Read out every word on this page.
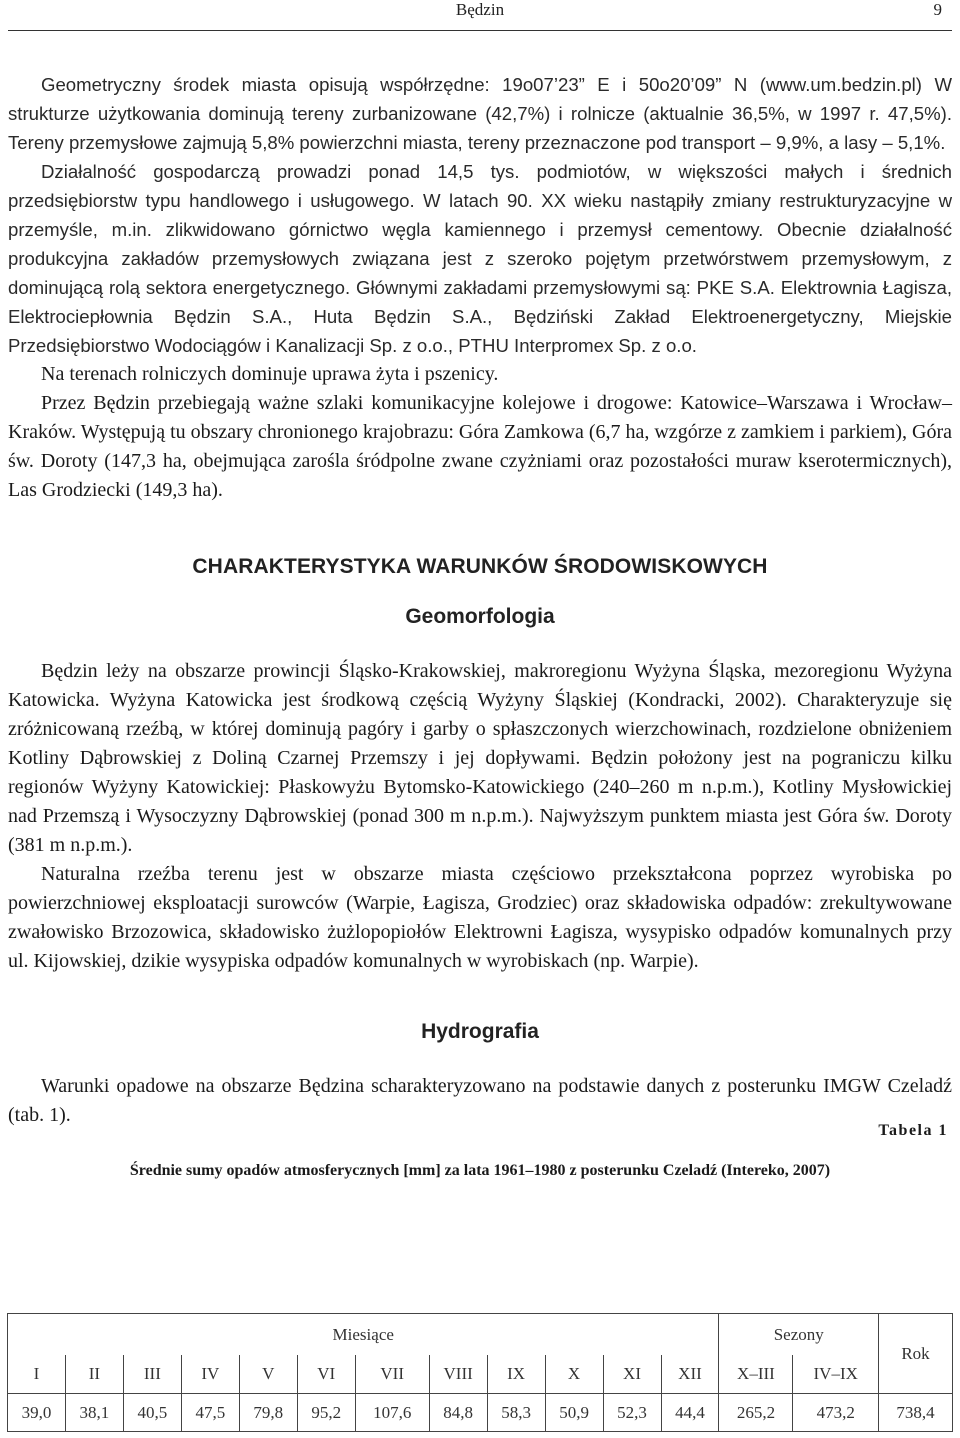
Będzin	9

Geometryczny środek miasta opisują współrzędne: 19o07’23” E i 50o20’09” N (www.um.bedzin.pl) W strukturze użytkowania dominują tereny zurbanizowane (42,7%) i rolnicze (aktualnie 36,5%, w 1997 r. 47,5%). Tereny przemysłowe zajmują 5,8% powierzchni miasta, tereny przeznaczone pod transport – 9,9%, a lasy – 5,1%.

Działalność gospodarczą prowadzi ponad 14,5 tys. podmiotów, w większości małych i średnich przedsiębiorstw typu handlowego i usługowego. W latach 90. XX wieku nastąpiły zmiany restrukturyzacyjne w przemyśle, m.in. zlikwidowano górnictwo węgla kamiennego i przemysł cementowy. Obecnie działalność produkcyjna zakładów przemysłowych związana jest z szeroko pojętym przetwórstwem przemysłowym, z dominującą rolą sektora energetycznego. Głównymi zakładami przemysłowymi są: PKE S.A. Elektrownia Łagisza, Elektrociepłownia Będzin S.A., Huta Będzin S.A., Będziński Zakład Elektroenergetyczny, Miejskie Przedsiębiorstwo Wodociągów i Kanalizacji Sp. z o.o., PTHU Interpromex Sp. z o.o.

Na terenach rolniczych dominuje uprawa żyta i pszenicy.

Przez Będzin przebiegają ważne szlaki komunikacyjne kolejowe i drogowe: Katowice–Warszawa i Wrocław–Kraków. Występują tu obszary chronionego krajobrazu: Góra Zamkowa (6,7 ha, wzgórze z zamkiem i parkiem), Góra św. Doroty (147,3 ha, obejmująca zarośla śródpolne zwane czyżniami oraz pozostałości muraw kserotermicznych), Las Grodziecki (149,3 ha).

CHARAKTERYSTYKA WARUNKÓW ŚRODOWISKOWYCH
Geomorfologia

Będzin leży na obszarze prowincji Śląsko-Krakowskiej, makroregionu Wyżyna Śląska, mezoregionu Wyżyna Katowicka. Wyżyna Katowicka jest środkową częścią Wyżyny Śląskiej (Kondracki, 2002). Charakteryzuje się zróżnicowaną rzeźbą, w której dominują pagóry i garby o spłaszczonych wierzchowinach, rozdzielone obniżeniem Kotliny Dąbrowskiej z Doliną Czarnej Przemszy i jej dopływami. Będzin położony jest na pograniczu kilku regionów Wyżyny Katowickiej: Płaskowyżu Bytomsko-Katowickiego (240–260 m n.p.m.), Kotliny Mysłowickiej nad Przemszą i Wysoczyzny Dąbrowskiej (ponad 300 m n.p.m.). Najwyższym punktem miasta jest Góra św. Doroty (381 m n.p.m.).

Naturalna rzeźba terenu jest w obszarze miasta częściowo przekształcona poprzez wyrobiska po powierzchniowej eksploatacji surowców (Warpie, Łagisza, Grodziec) oraz składowiska odpadów: zrekultywowane zwałowisko Brzozowica, składowisko żużlopopiołów Elektrowni Łagisza, wysypisko odpadów komunalnych przy ul. Kijowskiej, dzikie wysypiska odpadów komunalnych w wyrobiskach (np. Warpie).

Hydrografia

Warunki opadowe na obszarze Będzina scharakteryzowano na podstawie danych z posterunku IMGW Czeladź (tab. 1).

Tabela 1
Średnie sumy opadów atmosferycznych [mm] za lata 1961–1980 z posterunku Czeladź (Intereko, 2007)
Miesiące												Sezony		Rok
I	II	III	IV	V	VI	VII	VIII	IX	X	XI	XII	X–III	IV–IX	
39,0	38,1	40,5	47,5	79,8	95,2	107,6	84,8	58,3	50,9	52,3	44,4	265,2	473,2	738,4
